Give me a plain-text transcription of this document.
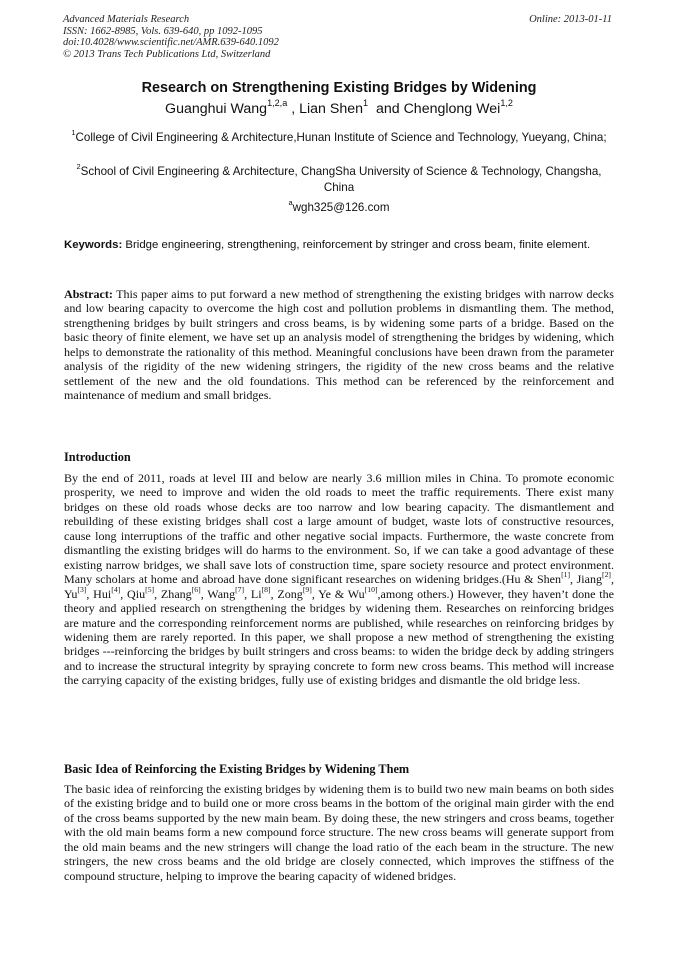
Advanced Materials Research
ISSN: 1662-8985, Vols. 639-640, pp 1092-1095
doi:10.4028/www.scientific.net/AMR.639-640.1092
© 2013 Trans Tech Publications Ltd, Switzerland
Online: 2013-01-11
Research on Strengthening Existing Bridges by Widening
Guanghui Wang$^{1,2,a}$ , Lian Shen$^1$  and Chenglong Wei$^{1,2}$
$^1$College of Civil Engineering & Architecture,Hunan Institute of Science and Technology, Yueyang, China;
$^2$School of Civil Engineering & Architecture, ChangSha University of Science & Technology, Changsha, China
$^a$wgh325@126.com
Keywords: Bridge engineering, strengthening, reinforcement by stringer and cross beam, finite element.
Abstract: This paper aims to put forward a new method of strengthening the existing bridges with narrow decks and low bearing capacity to overcome the high cost and pollution problems in dismantling them. The method, strengthening bridges by built stringers and cross beams, is by widening some parts of a bridge. Based on the basic theory of finite element, we have set up an analysis model of strengthening the bridges by widening, which helps to demonstrate the rationality of this method. Meaningful conclusions have been drawn from the parameter analysis of the rigidity of the new widening stringers, the rigidity of the new cross beams and the relative settlement of the new and the old foundations. This method can be referenced by the reinforcement and maintenance of medium and small bridges.
Introduction
By the end of 2011, roads at level III and below are nearly 3.6 million miles in China. To promote economic prosperity, we need to improve and widen the old roads to meet the traffic requirements. There exist many bridges on these old roads whose decks are too narrow and low bearing capacity. The dismantlement and rebuilding of these existing bridges shall cost a large amount of budget, waste lots of constructive resources, cause long interruptions of the traffic and other negative social impacts. Furthermore, the waste concrete from dismantling the existing bridges will do harms to the environment. So, if we can take a good advantage of these existing narrow bridges, we shall save lots of construction time, spare society resource and protect environment. Many scholars at home and abroad have done significant researches on widening bridges.(Hu & Shen[1], Jiang[2], Yu[3], Hui[4], Qiu[5], Zhang[6], Wang[7], Li[8], Zong[9], Ye & Wu[10],among others.) However, they haven’t done the theory and applied research on strengthening the bridges by widening them. Researches on reinforcing bridges are mature and the corresponding reinforcement norms are published, while researches on reinforcing bridges by widening them are rarely reported. In this paper, we shall propose a new method of strengthening the existing bridges ---reinforcing the bridges by built stringers and cross beams: to widen the bridge deck by adding stringers and to increase the structural integrity by spraying concrete to form new cross beams. This method will increase the carrying capacity of the existing bridges, fully use of existing bridges and dismantle the old bridge less.
Basic Idea of Reinforcing the Existing Bridges by Widening Them
The basic idea of reinforcing the existing bridges by widening them is to build two new main beams on both sides of the existing bridge and to build one or more cross beams in the bottom of the original main girder with the end of the cross beams supported by the new main beam. By doing these, the new stringers and cross beams, together with the old main beams form a new compound force structure. The new cross beams will generate support from the old main beams and the new stringers will change the load ratio of the each beam in the structure. The new stringers, the new cross beams and the old bridge are closely connected, which improves the stiffness of the compound structure, helping to improve the bearing capacity of widened bridges.
